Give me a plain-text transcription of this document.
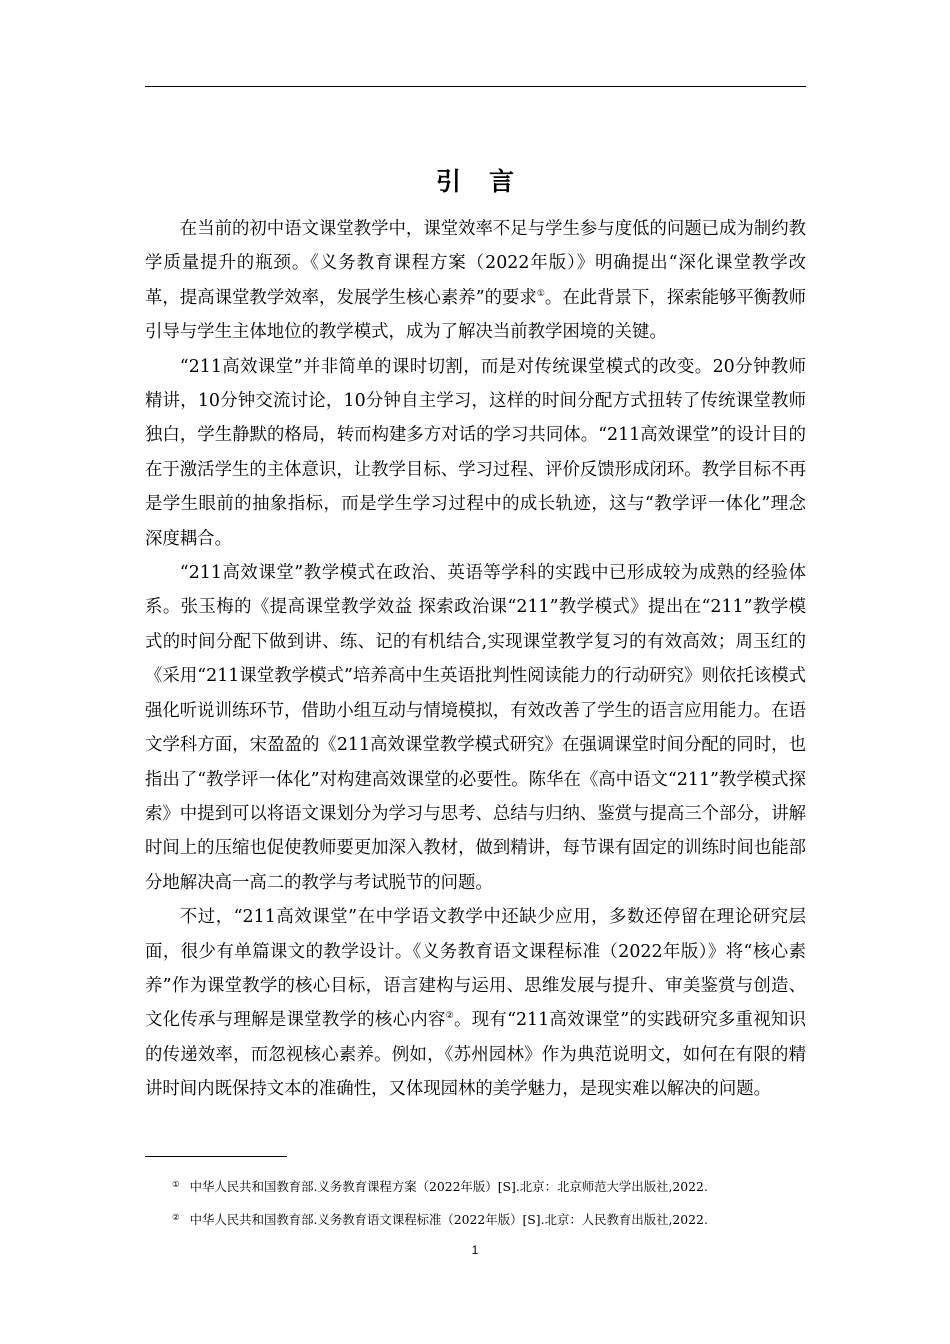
引言

在当前的初中语文课堂教学中，课堂效率不足与学生参与度低的问题已成为制约教学质量提升的瓶颈。《义务教育课程方案（2022年版）》明确提出“深化课堂教学改革，提高课堂教学效率，发展学生核心素养”的要求①。在此背景下，探索能够平衡教师引导与学生主体地位的教学模式，成为了解决当前教学困境的关键。

“211高效课堂”并非简单的课时切割，而是对传统课堂模式的改变。20分钟教师精讲，10分钟交流讨论，10分钟自主学习，这样的时间分配方式扭转了传统课堂教师独白，学生静默的格局，转而构建多方对话的学习共同体。“211高效课堂”的设计目的在于激活学生的主体意识，让教学目标、学习过程、评价反馈形成闭环。教学目标不再是学生眼前的抽象指标，而是学生学习过程中的成长轨迹，这与“教学评一体化”理念深度耦合。

“211高效课堂”教学模式在政治、英语等学科的实践中已形成较为成熟的经验体系。张玉梅的《提高课堂教学效益 探索政治课“211”教学模式》提出在“211”教学模式的时间分配下做到讲、练、记的有机结合,实现课堂教学复习的有效高效；周玉红的《采用“211课堂教学模式”培养高中生英语批判性阅读能力的行动研究》则依托该模式强化听说训练环节，借助小组互动与情境模拟，有效改善了学生的语言应用能力。在语文学科方面，宋盈盈的《211高效课堂教学模式研究》在强调课堂时间分配的同时，也指出了“教学评一体化”对构建高效课堂的必要性。陈华在《高中语文“211”教学模式探索》中提到可以将语文课划分为学习与思考、总结与归纳、鉴赏与提高三个部分，讲解时间上的压缩也促使教师要更加深入教材，做到精讲，每节课有固定的训练时间也能部分地解决高一高二的教学与考试脱节的问题。

不过，“211高效课堂”在中学语文教学中还缺少应用，多数还停留在理论研究层面，很少有单篇课文的教学设计。《义务教育语文课程标准（2022年版）》将“核心素养”作为课堂教学的核心目标，语言建构与运用、思维发展与提升、审美鉴赏与创造、文化传承与理解是课堂教学的核心内容②。现有“211高效课堂”的实践研究多重视知识的传递效率，而忽视核心素养。例如，《苏州园林》作为典范说明文，如何在有限的精讲时间内既保持文本的准确性，又体现园林的美学魅力，是现实难以解决的问题。

① 中华人民共和国教育部.义务教育课程方案（2022年版）[S].北京：北京师范大学出版社,2022.
② 中华人民共和国教育部.义务教育语文课程标准（2022年版）[S].北京：人民教育出版社,2022.
1
